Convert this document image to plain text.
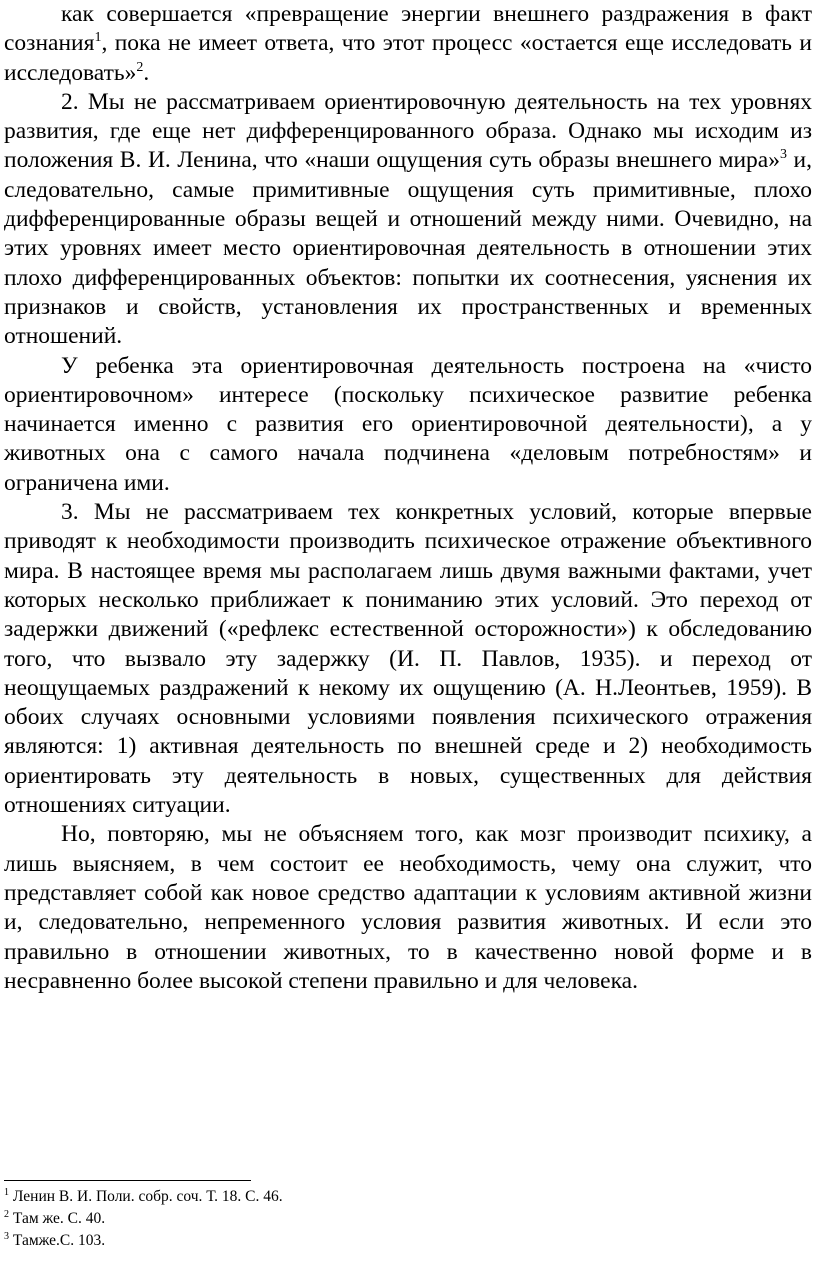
как совершается «превращение энергии внешнего раздражения в факт сознания$^1$, пока не имеет ответа, что этот процесс «остается еще исследовать и исследовать»$^2$.

2. Мы не рассматриваем ориентировочную деятельность на тех уровнях развития, где еще нет дифференцированного образа. Однако мы исходим из положения В. И. Ленина, что «наши ощущения суть образы внешнего мира»$^3$ и, следовательно, самые примитивные ощущения суть примитивные, плохо дифференцированные образы вещей и отношений между ними. Очевидно, на этих уровнях имеет место ориентировочная деятельность в отношении этих плохо дифференцированных объектов: попытки их соотнесения, уяснения их признаков и свойств, установления их пространственных и временных отношений.

У ребенка эта ориентировочная деятельность построена на «чисто ориентировочном» интересе (поскольку психическое развитие ребенка начинается именно с развития его ориентировочной деятельности), а у животных она с самого начала подчинена «деловым потребностям» и ограничена ими.

3. Мы не рассматриваем тех конкретных условий, которые впервые приводят к необходимости производить психическое отражение объективного мира. В настоящее время мы располагаем лишь двумя важными фактами, учет которых несколько приближает к пониманию этих условий. Это переход от задержки движений («рефлекс естественной осторожности») к обследованию того, что вызвало эту задержку (И. П. Павлов, 1935). и переход от неощущаемых раздражений к некому их ощущению (А. Н.Леонтьев, 1959). В обоих случаях основными условиями появления психического отражения являются: 1) активная деятельность по внешней среде и 2) необходимость ориентировать эту деятельность в новых, существенных для действия отношениях ситуации.

Но, повторяю, мы не объясняем того, как мозг производит психику, а лишь выясняем, в чем состоит ее необходимость, чему она служит, что представляет собой как новое средство адаптации к условиям активной жизни и, следовательно, непременного условия развития животных. И если это правильно в отношении животных, то в качественно новой форме и в несравненно более высокой степени правильно и для человека.

$^1$ Ленин В. И. Поли. собр. соч. Т. 18. С. 46.

$^2$ Там же. С. 40.

$^3$ Тамже.С. 103.
